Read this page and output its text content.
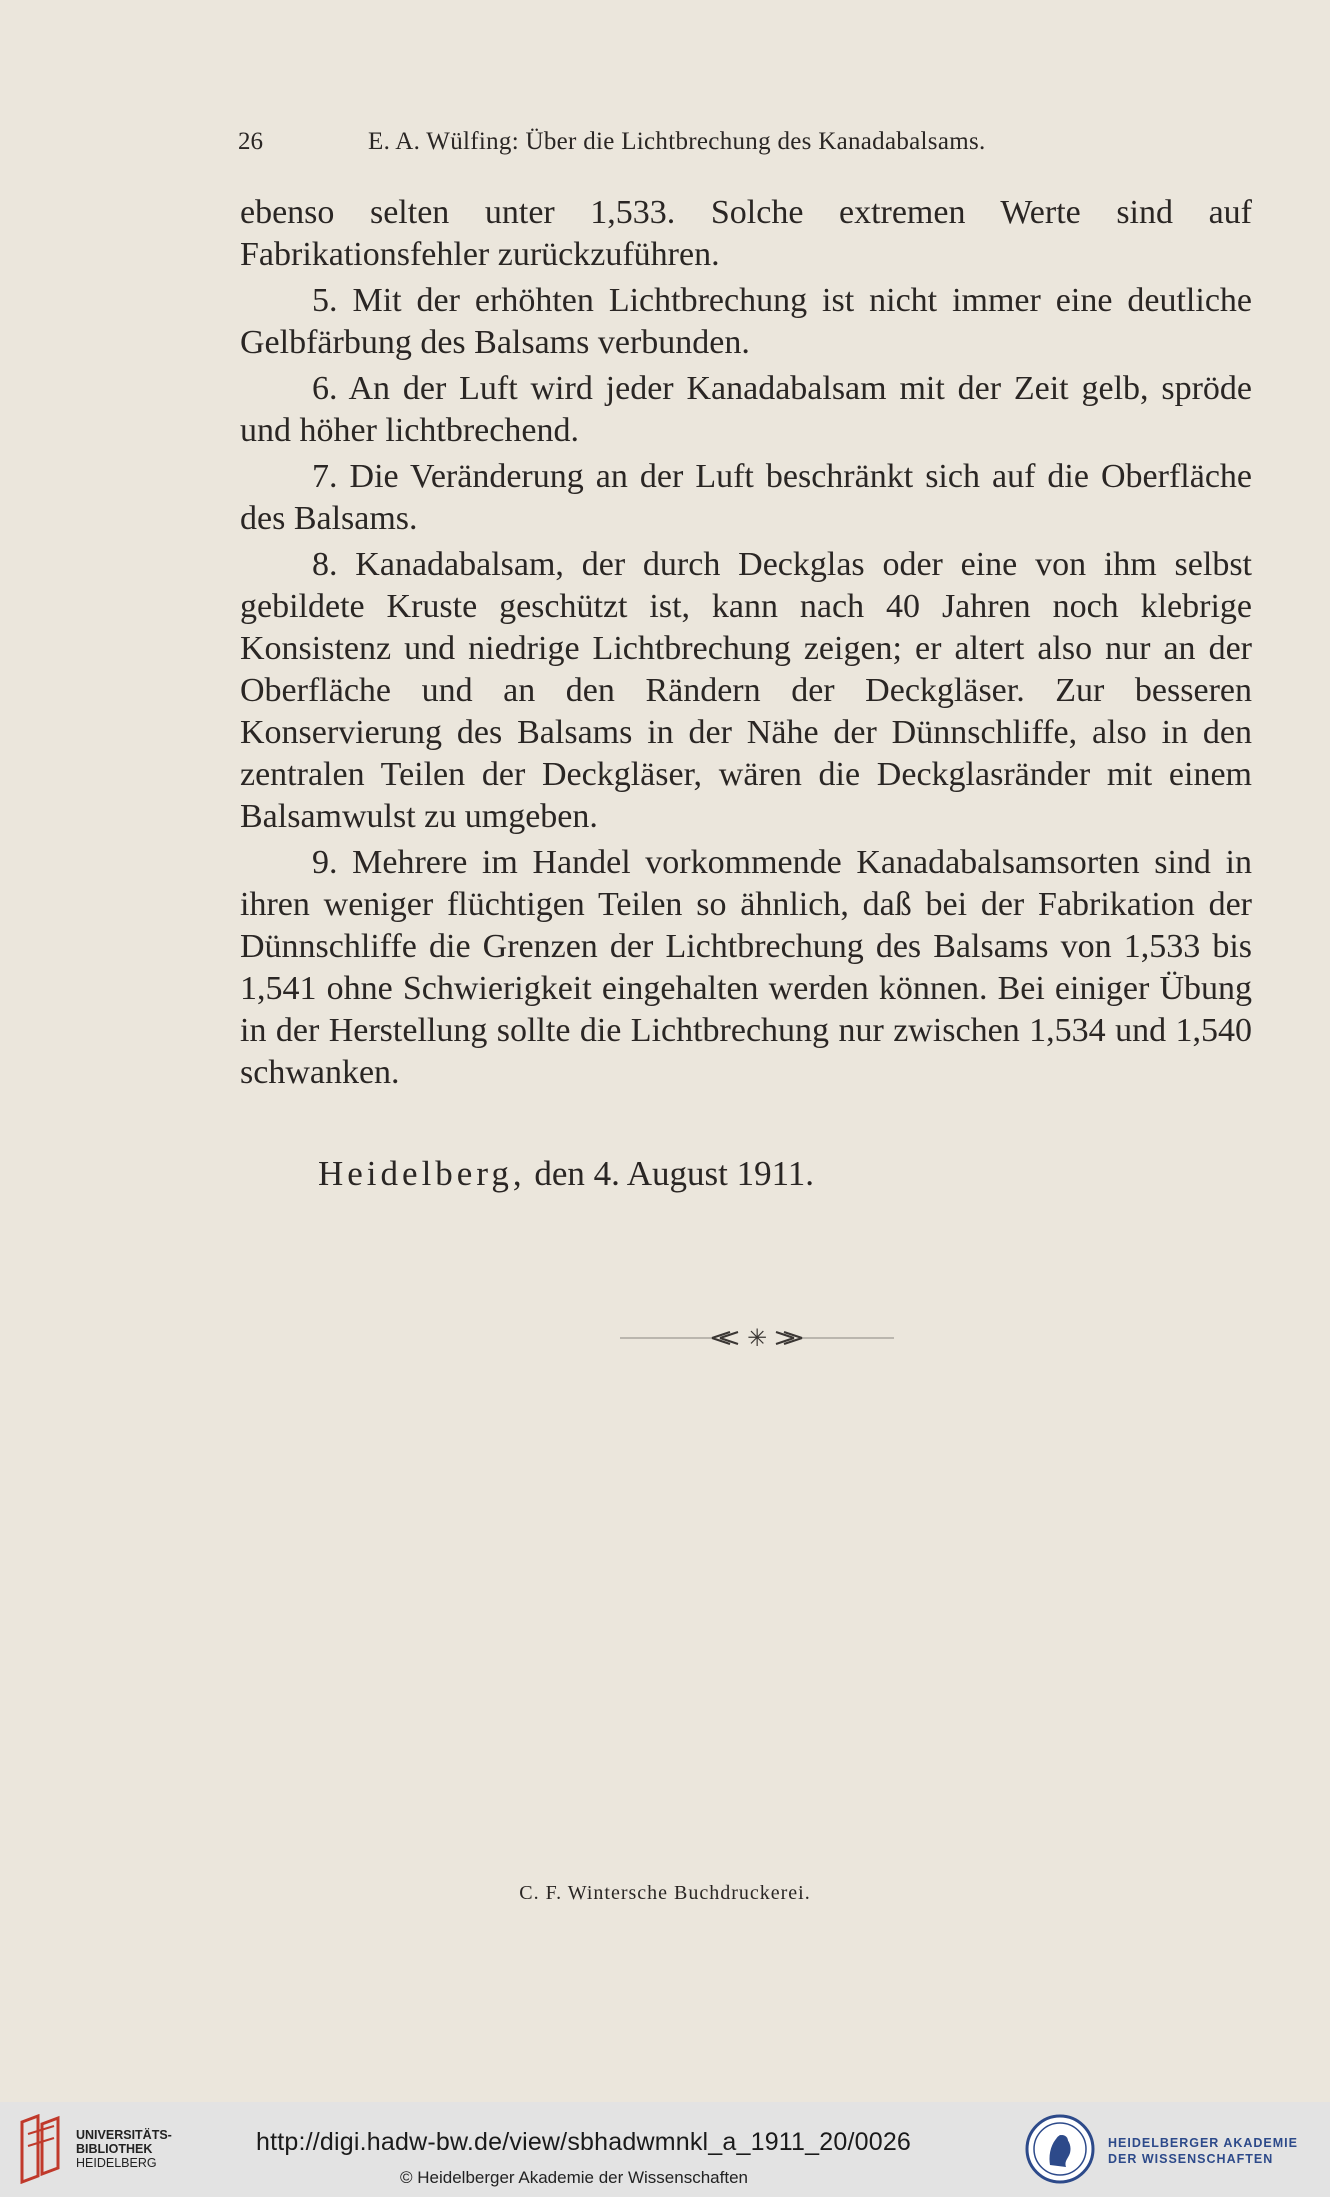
26	E. A. Wülfing: Über die Lichtbrechung des Kanadabalsams.

ebenso selten unter 1,533. Solche extremen Werte sind auf Fabrikationsfehler zurückzuführen.

5. Mit der erhöhten Lichtbrechung ist nicht immer eine deutliche Gelbfärbung des Balsams verbunden.

6. An der Luft wird jeder Kanadabalsam mit der Zeit gelb, spröde und höher lichtbrechend.

7. Die Veränderung an der Luft beschränkt sich auf die Oberfläche des Balsams.

8. Kanadabalsam, der durch Deckglas oder eine von ihm selbst gebildete Kruste geschützt ist, kann nach 40 Jahren noch klebrige Konsistenz und niedrige Lichtbrechung zeigen; er altert also nur an der Oberfläche und an den Rändern der Deckgläser. Zur besseren Konservierung des Balsams in der Nähe der Dünnschliffe, also in den zentralen Teilen der Deckgläser, wären die Deckglasränder mit einem Balsamwulst zu umgeben.

9. Mehrere im Handel vorkommende Kanadabalsamsorten sind in ihren weniger flüchtigen Teilen so ähnlich, daß bei der Fabrikation der Dünnschliffe die Grenzen der Lichtbrechung des Balsams von 1,533 bis 1,541 ohne Schwierigkeit eingehalten werden können. Bei einiger Übung in der Herstellung sollte die Lichtbrechung nur zwischen 1,534 und 1,540 schwanken.

Heidelberg, den 4. August 1911.
✳
C. F. Wintersche Buchdruckerei.
UNIVERSITÄTS-
BIBLIOTHEK
HEIDELBERG
http://digi.hadw-bw.de/view/sbhadwmnkl_a_1911_20/0026
© Heidelberger Akademie der Wissenschaften
HEIDELBERGER AKADEMIE
DER WISSENSCHAFTEN
